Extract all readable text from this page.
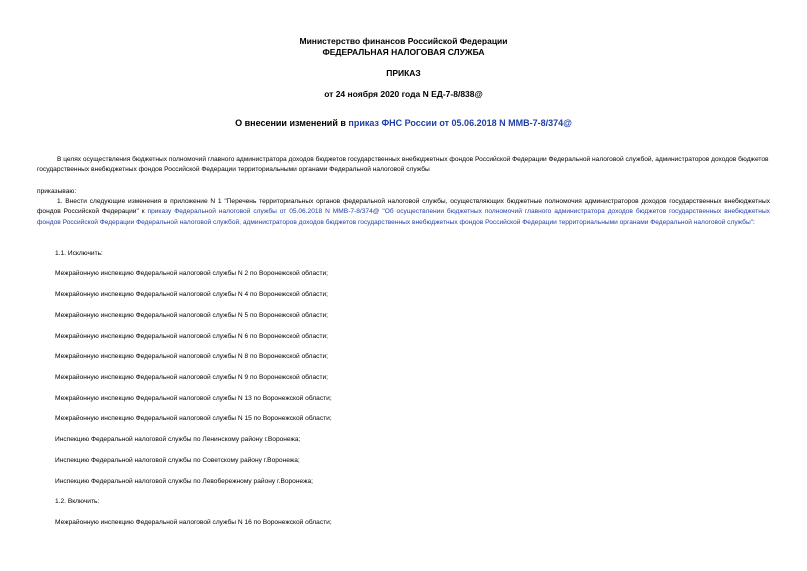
Министерство финансов Российской Федерации
ФЕДЕРАЛЬНАЯ НАЛОГОВАЯ СЛУЖБА
ПРИКАЗ
от 24 ноября 2020 года N ЕД-7-8/838@
О внесении изменений в приказ ФНС России от 05.06.2018 N ММВ-7-8/374@
В целях осуществления бюджетных полномочий главного администратора доходов бюджетов государственных внебюджетных фондов Российской Федерации Федеральной налоговой службой, администраторов доходов бюджетов государственных внебюджетных фондов Российской Федерации территориальными органами Федеральной налоговой службы
приказываю:
1. Внести следующие изменения в приложение N 1 "Перечень территориальных органов федеральной налоговой службы, осуществляющих бюджетные полномочия администраторов доходов государственных внебюджетных фондов Российской Федерации" к приказу Федеральной налоговой службы от 05.06.2018 N ММВ-7-8/374@ "Об осуществлении бюджетных полномочий главного администратора доходов бюджетов государственных внебюджетных фондов Российской Федерации Федеральной налоговой службой, администраторов доходов бюджетов государственных внебюджетных фондов Российской Федерации территориальными органами Федеральной налоговой службы":
1.1. Исключить:
Межрайонную инспекцию Федеральной налоговой службы N 2 по Воронежской области;
Межрайонную инспекцию Федеральной налоговой службы N 4 по Воронежской области;
Межрайонную инспекцию Федеральной налоговой службы N 5 по Воронежской области;
Межрайонную инспекцию Федеральной налоговой службы N 6 по Воронежской области;
Межрайонную инспекцию Федеральной налоговой службы N 8 по Воронежской области;
Межрайонную инспекцию Федеральной налоговой службы N 9 по Воронежской области;
Межрайонную инспекцию Федеральной налоговой службы N 13 по Воронежской области;
Межрайонную инспекцию Федеральной налоговой службы N 15 по Воронежской области;
Инспекцию Федеральной налоговой службы по Ленинскому району г.Воронежа;
Инспекцию Федеральной налоговой службы по Советскому району г.Воронежа;
Инспекцию Федеральной налоговой службы по Левобережному району г.Воронежа;
1.2. Включить:
Межрайонную инспекцию Федеральной налоговой службы N 16 по Воронежской области;
